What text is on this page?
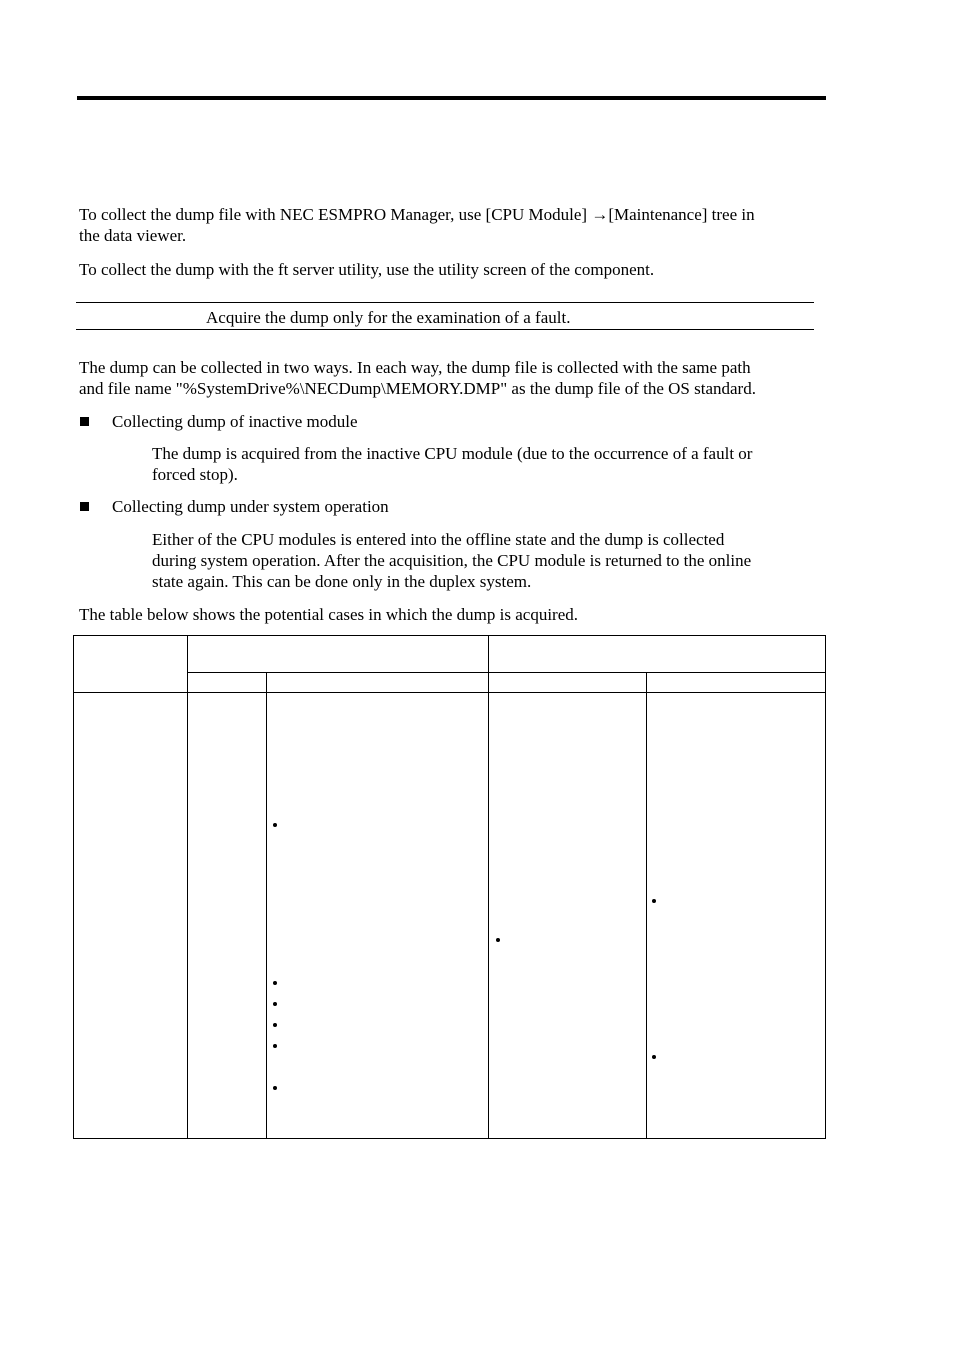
To collect the dump file with NEC ESMPRO Manager, use [CPU Module] →[Maintenance] tree in
the data viewer.

To collect the dump with the ft server utility, use the utility screen of the component.

Acquire the dump only for the examination of a fault.

The dump can be collected in two ways. In each way, the dump file is collected with the same path
and file name "%SystemDrive%\NECDump\MEMORY.DMP" as the dump file of the OS standard.

Collecting dump of inactive module

The dump is acquired from the inactive CPU module (due to the occurrence of a fault or
forced stop).

Collecting dump under system operation

Either of the CPU modules is entered into the offline state and the dump is collected
during system operation. After the acquisition, the CPU module is returned to the online
state again. This can be done only in the duplex system.

The table below shows the potential cases in which the dump is acquired.
